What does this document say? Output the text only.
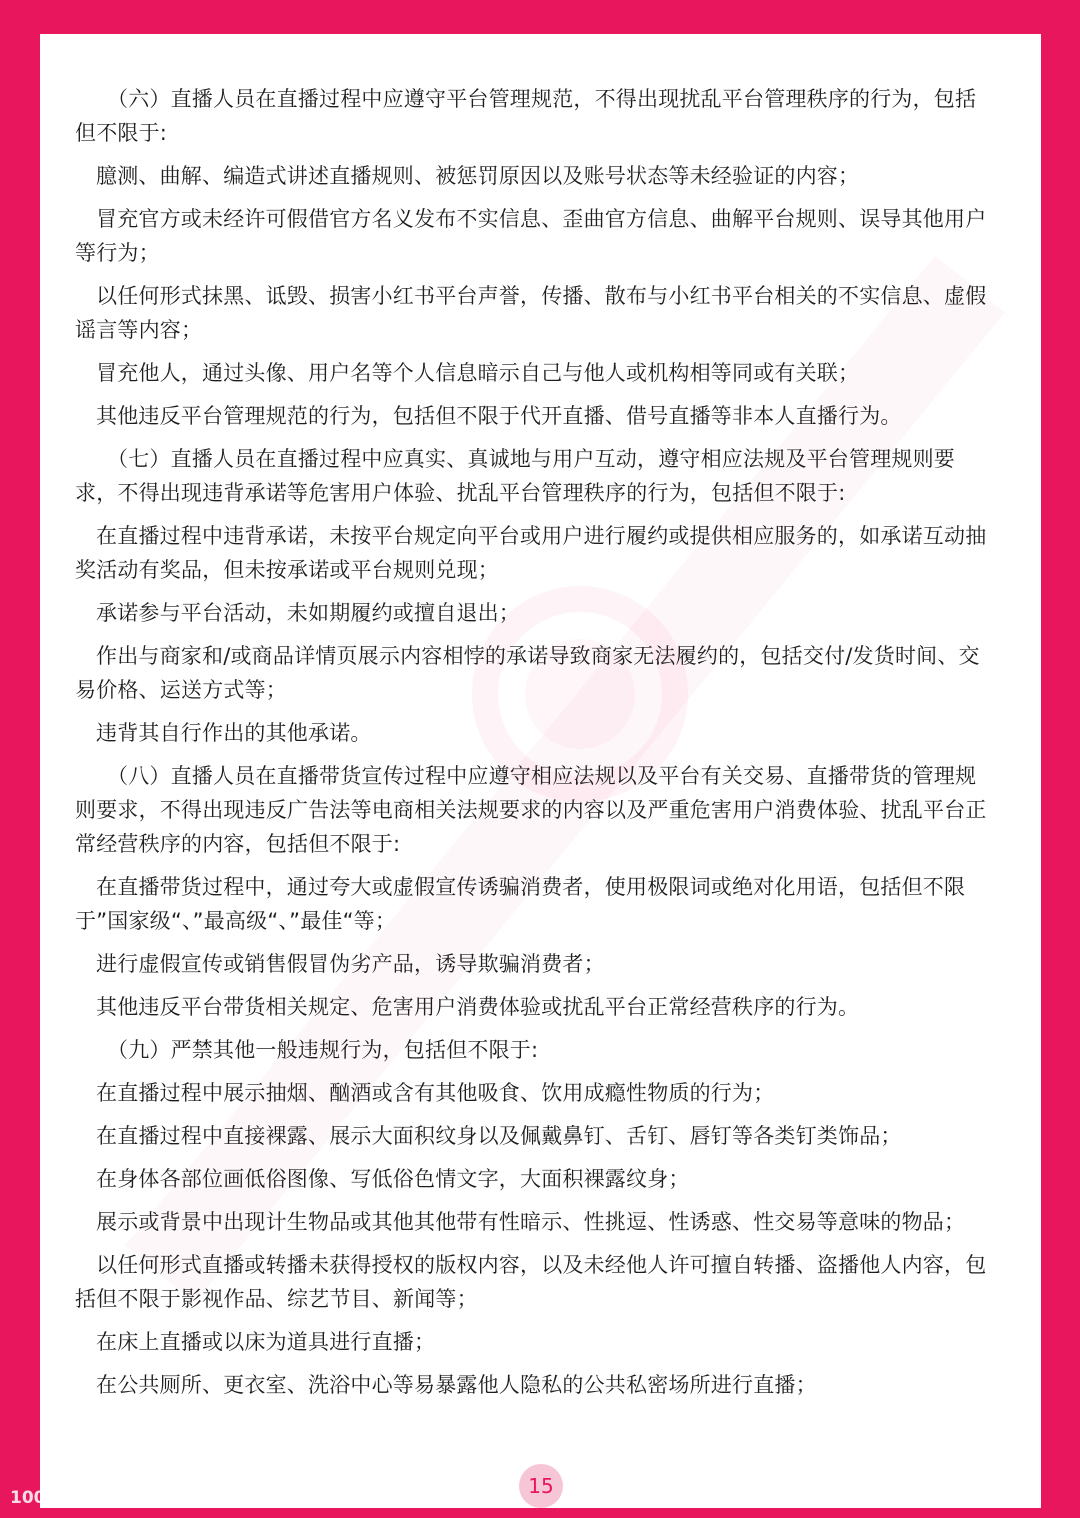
（六）直播人员在直播过程中应遵守平台管理规范，不得出现扰乱平台管理秩序的行为，包括但不限于:

臆测、曲解、编造式讲述直播规则、被惩罚原因以及账号状态等未经验证的内容；

冒充官方或未经许可假借官方名义发布不实信息、歪曲官方信息、曲解平台规则、误导其他用户等行为；

以任何形式抹黑、诋毁、损害小红书平台声誉，传播、散布与小红书平台相关的不实信息、虚假谣言等内容；

冒充他人，通过头像、用户名等个人信息暗示自己与他人或机构相等同或有关联；

其他违反平台管理规范的行为，包括但不限于代开直播、借号直播等非本人直播行为。

（七）直播人员在直播过程中应真实、真诚地与用户互动，遵守相应法规及平台管理规则要求，不得出现违背承诺等危害用户体验、扰乱平台管理秩序的行为，包括但不限于:

在直播过程中违背承诺，未按平台规定向平台或用户进行履约或提供相应服务的，如承诺互动抽奖活动有奖品，但未按承诺或平台规则兑现；

承诺参与平台活动，未如期履约或擅自退出；

作出与商家和/或商品详情页展示内容相悖的承诺导致商家无法履约的，包括交付/发货时间、交易价格、运送方式等；

违背其自行作出的其他承诺。

（八）直播人员在直播带货宣传过程中应遵守相应法规以及平台有关交易、直播带货的管理规则要求，不得出现违反广告法等电商相关法规要求的内容以及严重危害用户消费体验、扰乱平台正常经营秩序的内容，包括但不限于:

在直播带货过程中，通过夸大或虚假宣传诱骗消费者，使用极限词或绝对化用语，包括但不限于”国家级“、”最高级“、”最佳“等；

进行虚假宣传或销售假冒伪劣产品，诱导欺骗消费者；

其他违反平台带货相关规定、危害用户消费体验或扰乱平台正常经营秩序的行为。

（九）严禁其他一般违规行为，包括但不限于:

在直播过程中展示抽烟、酗酒或含有其他吸食、饮用成瘾性物质的行为；

在直播过程中直接裸露、展示大面积纹身以及佩戴鼻钉、舌钉、唇钉等各类钉类饰品；

在身体各部位画低俗图像、写低俗色情文字，大面积裸露纹身；

展示或背景中出现计生物品或其他其他带有性暗示、性挑逗、性诱惑、性交易等意味的物品；

以任何形式直播或转播未获得授权的版权内容，以及未经他人许可擅自转播、盗播他人内容，包括但不限于影视作品、综艺节目、新闻等；

在床上直播或以床为道具进行直播；

在公共厕所、更衣室、洗浴中心等易暴露他人隐私的公共私密场所进行直播；

15
100 大数跨境
